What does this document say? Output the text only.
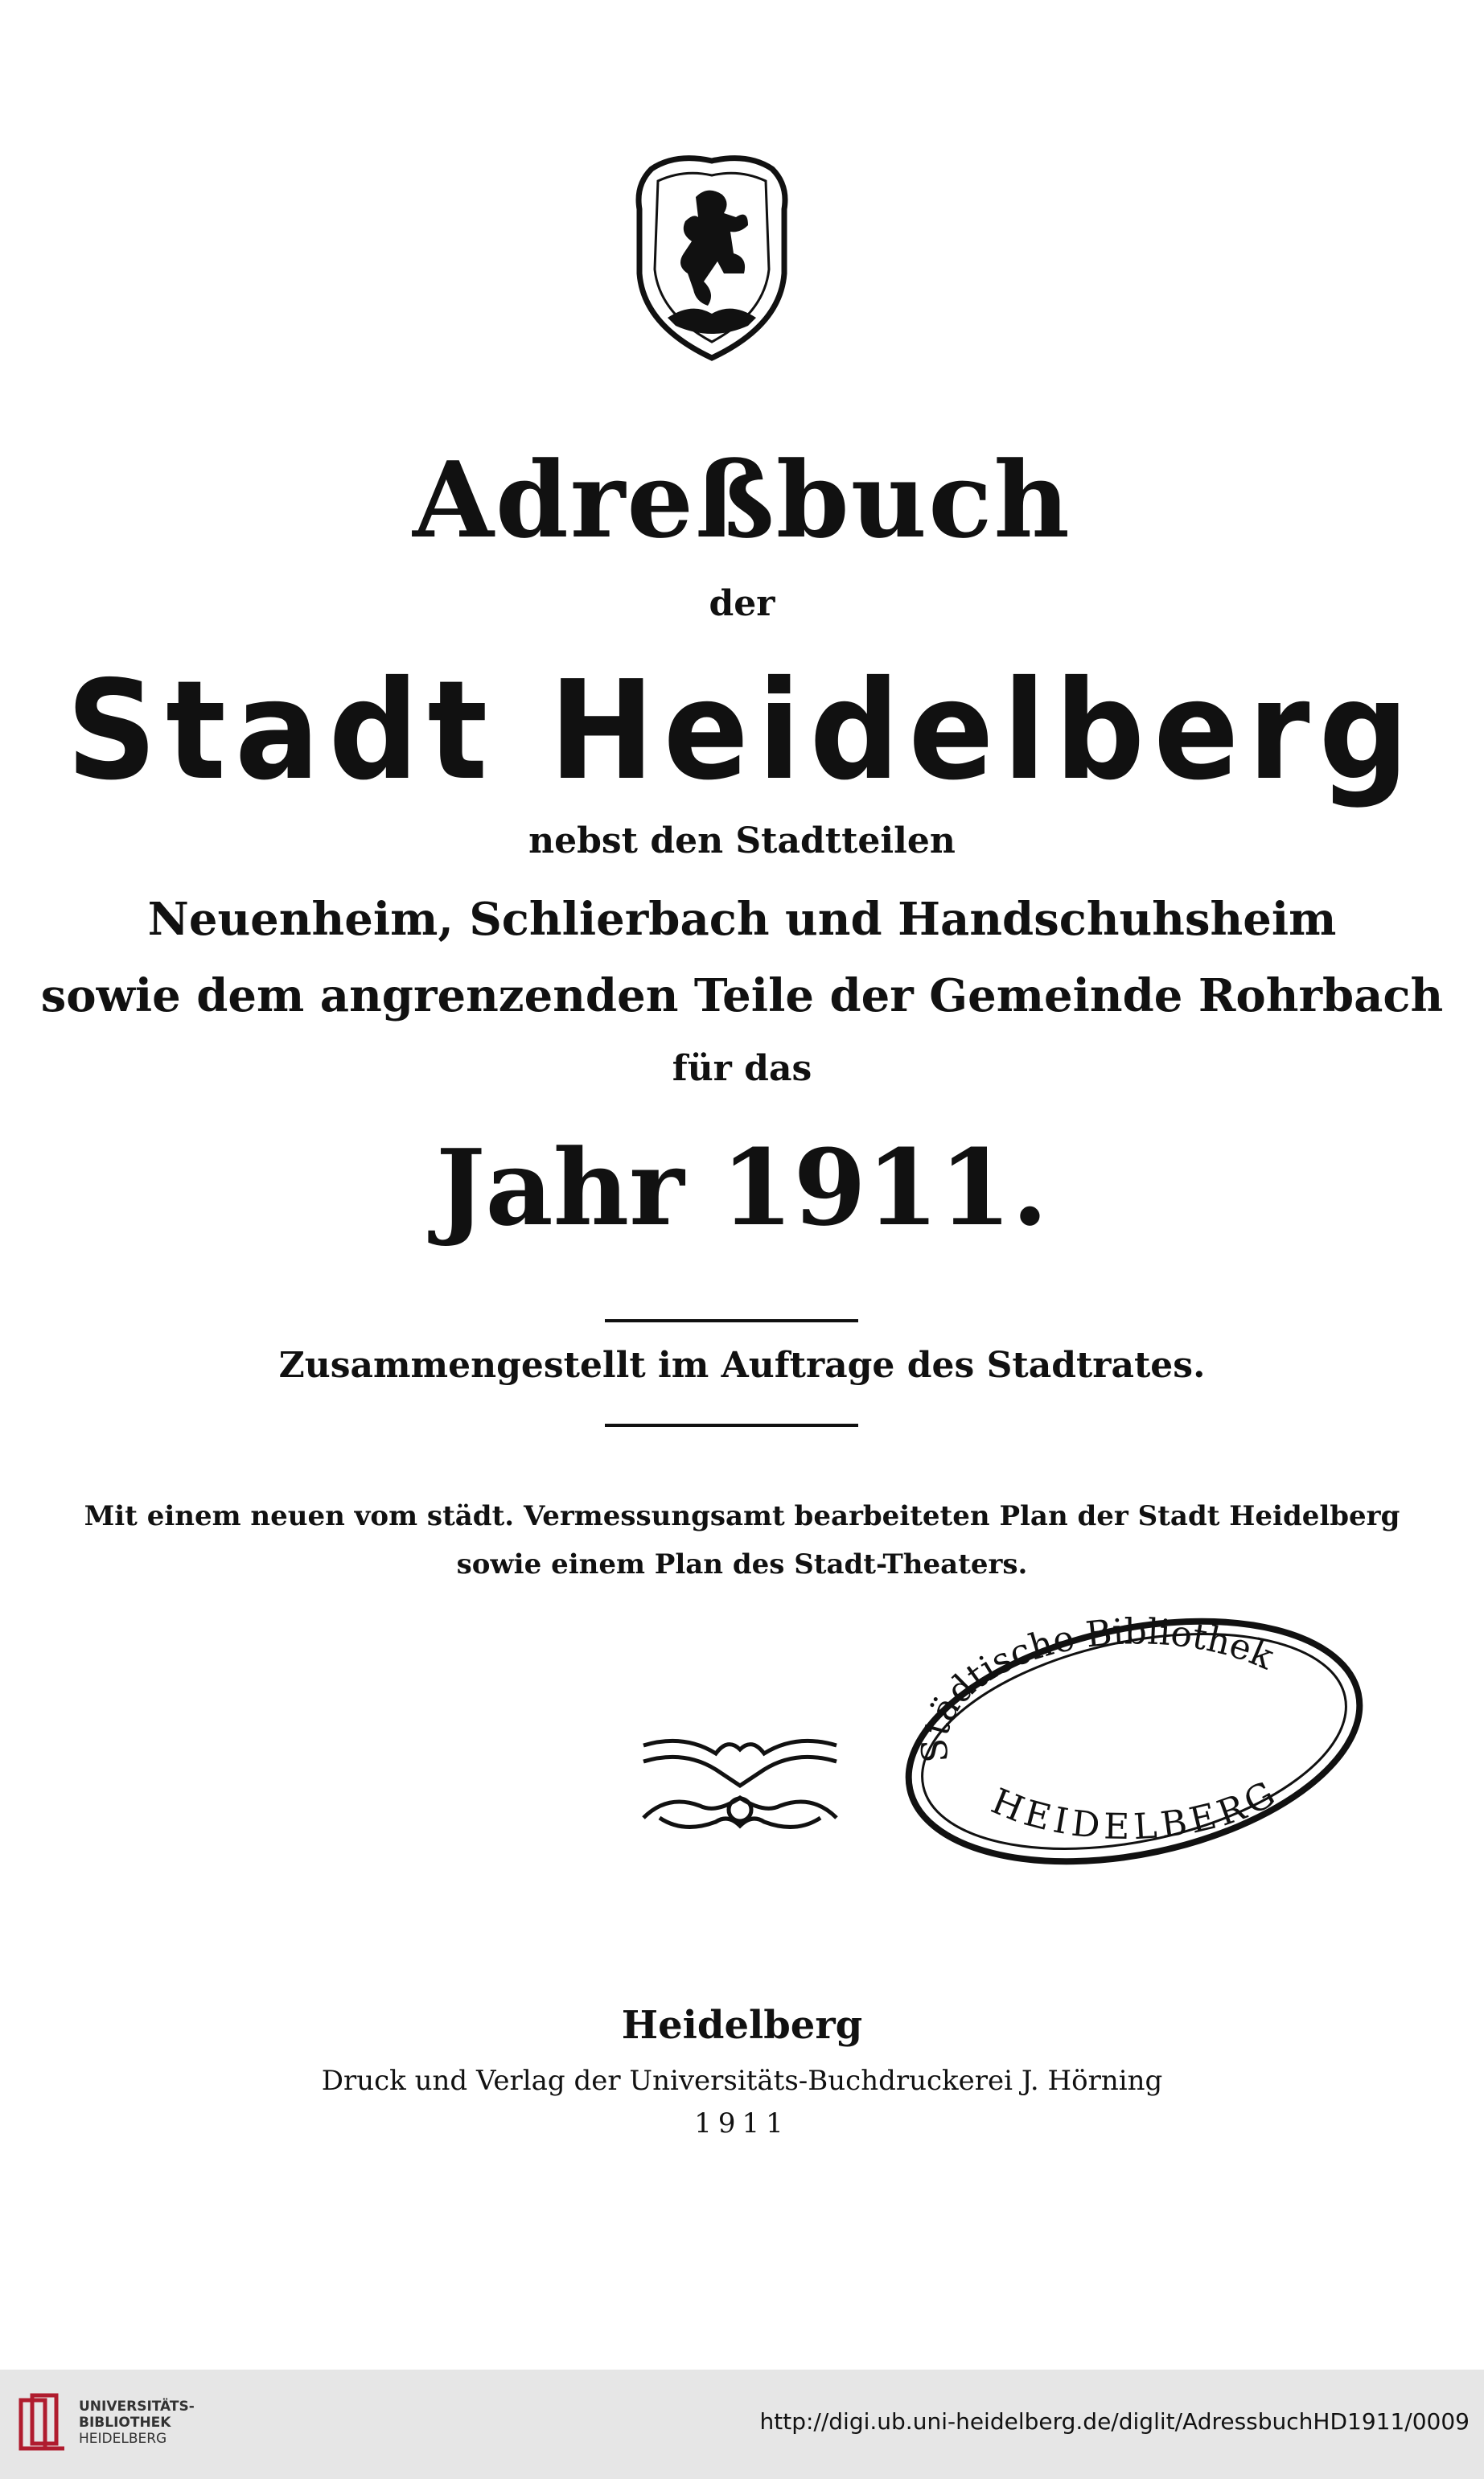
Adreßbuch
der
Stadt Heidelberg
nebst den Stadtteilen
Neuenheim, Schlierbach und Handschuhsheim
sowie dem angrenzenden Teile der Gemeinde Rohrbach
für das
Jahr 1911.
Zusammengestellt im Auftrage des Stadtrates.
Mit einem neuen vom städt. Vermessungsamt bearbeiteten Plan der Stadt Heidelberg
sowie einem Plan des Stadt-Theaters.
Städtische Bibliothek
HEIDELBERG
Heidelberg
Druck und Verlag der Universitäts-Buchdruckerei J. Hörning
1911
UNIVERSITÄTS-
BIBLIOTHEK
HEIDELBERG
http://digi.ub.uni-heidelberg.de/diglit/AdressbuchHD1911/0009
